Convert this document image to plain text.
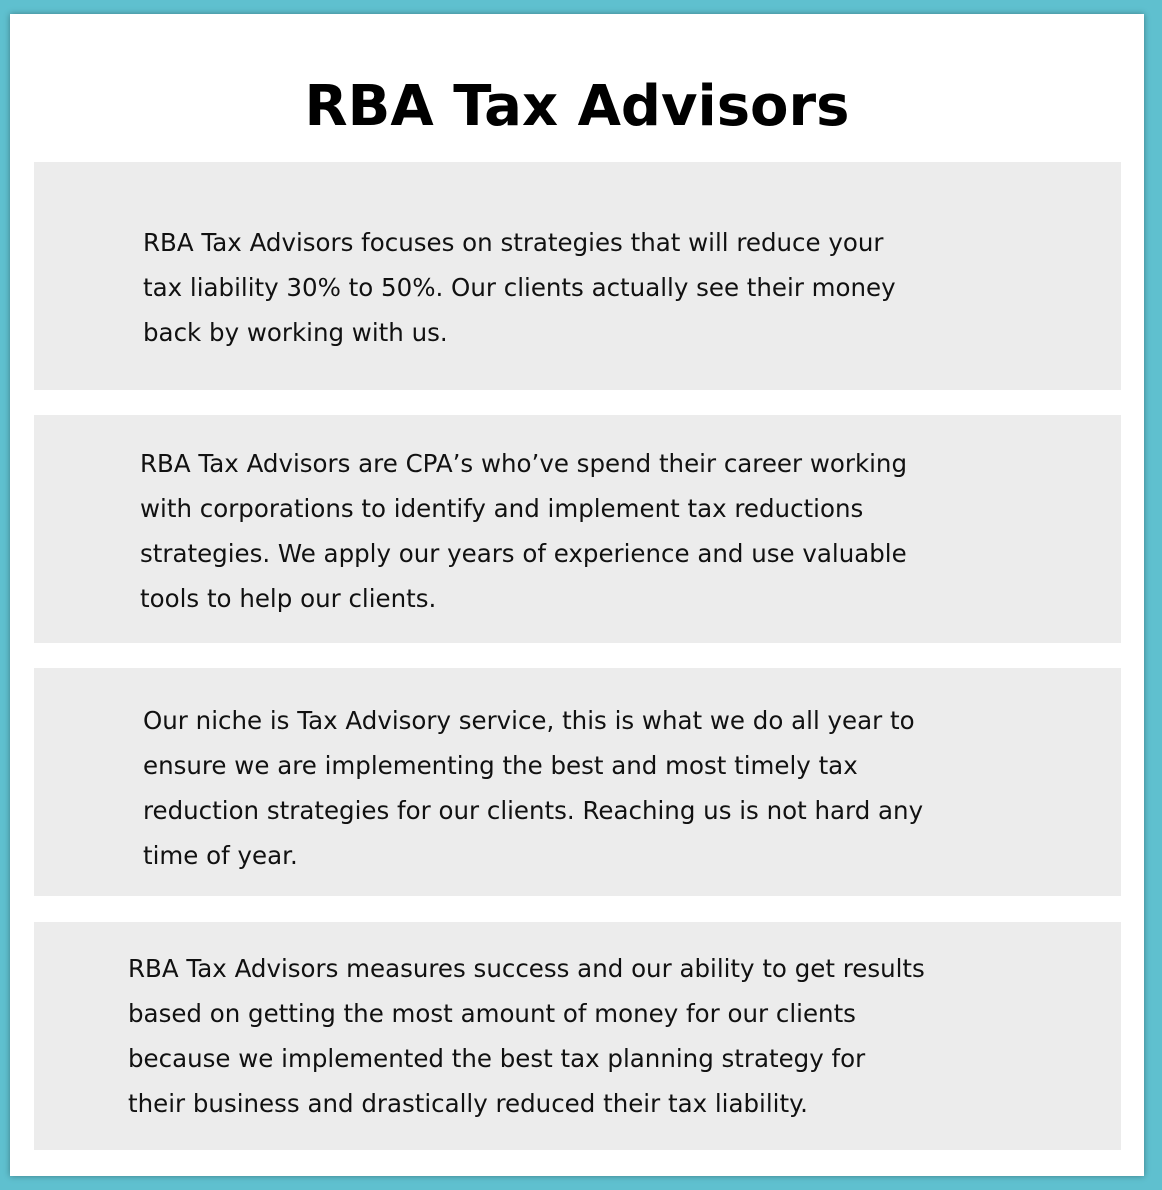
RBA Tax Advisors

RBA Tax Advisors focuses on strategies that will reduce your
tax liability 30% to 50%. Our clients actually see their money
back by working with us.

RBA Tax Advisors are CPA’s who’ve spend their career working
with corporations to identify and implement tax reductions
strategies. We apply our years of experience and use valuable
tools to help our clients.

Our niche is Tax Advisory service, this is what we do all year to
ensure we are implementing the best and most timely tax
reduction strategies for our clients. Reaching us is not hard any
time of year.

RBA Tax Advisors measures success and our ability to get results
based on getting the most amount of money for our clients
because we implemented the best tax planning strategy for
their business and drastically reduced their tax liability.
